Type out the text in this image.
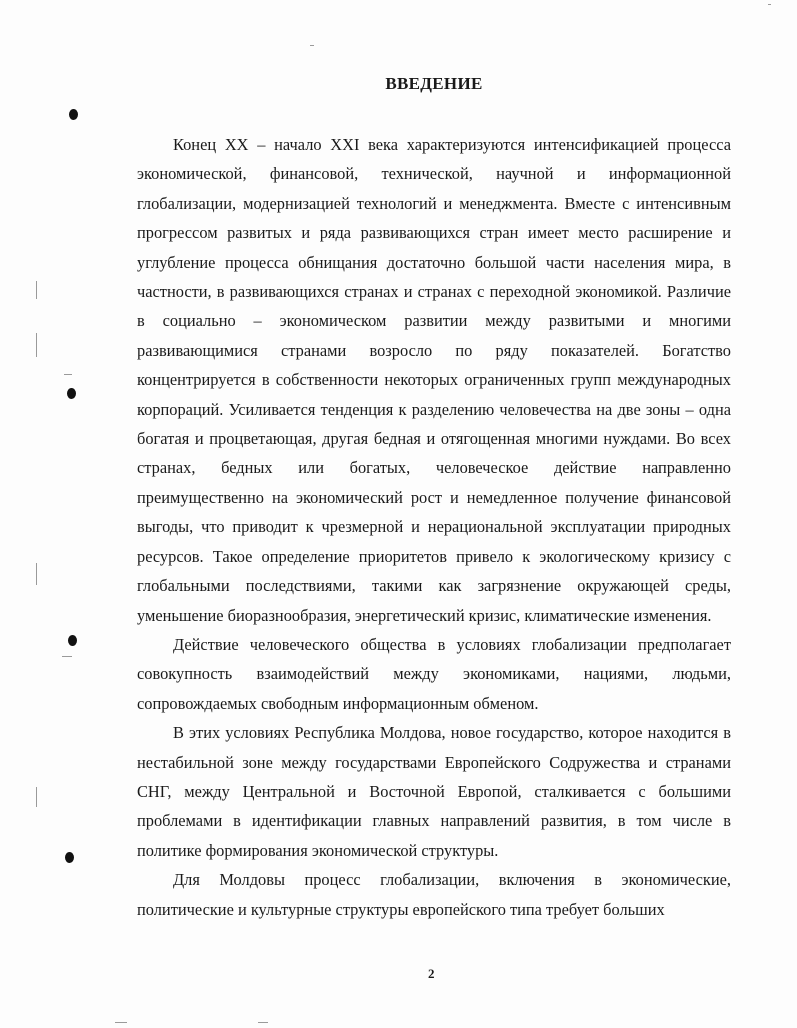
ВВЕДЕНИЕ

Конец XX – начало XXI века характеризуются интенсификацией процесса экономической, финансовой, технической, научной и информационной глобализации, модернизацией технологий и менеджмента. Вместе с интенсивным прогрессом развитых и ряда развивающихся стран имеет место расширение и углубление процесса обнищания достаточно большой части населения мира, в частности, в развивающихся странах и странах с переходной экономикой. Различие в социально – экономическом развитии между развитыми и многими развивающимися странами возросло по ряду показателей. Богатство концентрируется в собственности некоторых ограниченных групп международных корпораций. Усиливается тенденция к разделению человечества на две зоны – одна богатая и процветающая, другая бедная и отягощенная многими нуждами. Во всех странах, бедных или богатых, человеческое действие направленно преимущественно на экономический рост и немедленное получение финансовой выгоды, что приводит к чрезмерной и нерациональной эксплуатации природных ресурсов. Такое определение приоритетов привело к экологическому кризису с глобальными последствиями, такими как загрязнение окружающей среды, уменьшение биоразнообразия, энергетический кризис, климатические изменения.

Действие человеческого общества в условиях глобализации предполагает совокупность взаимодействий между экономиками, нациями, людьми, сопровождаемых свободным информационным обменом.

В этих условиях Республика Молдова, новое государство, которое находится в нестабильной зоне между государствами Европейского Содружества и странами СНГ, между Центральной и Восточной Европой, сталкивается с большими проблемами в идентификации главных направлений развития, в том числе в политике формирования экономической структуры.

Для Молдовы процесс глобализации, включения в экономические, политические и культурные структуры европейского типа требует больших

2
